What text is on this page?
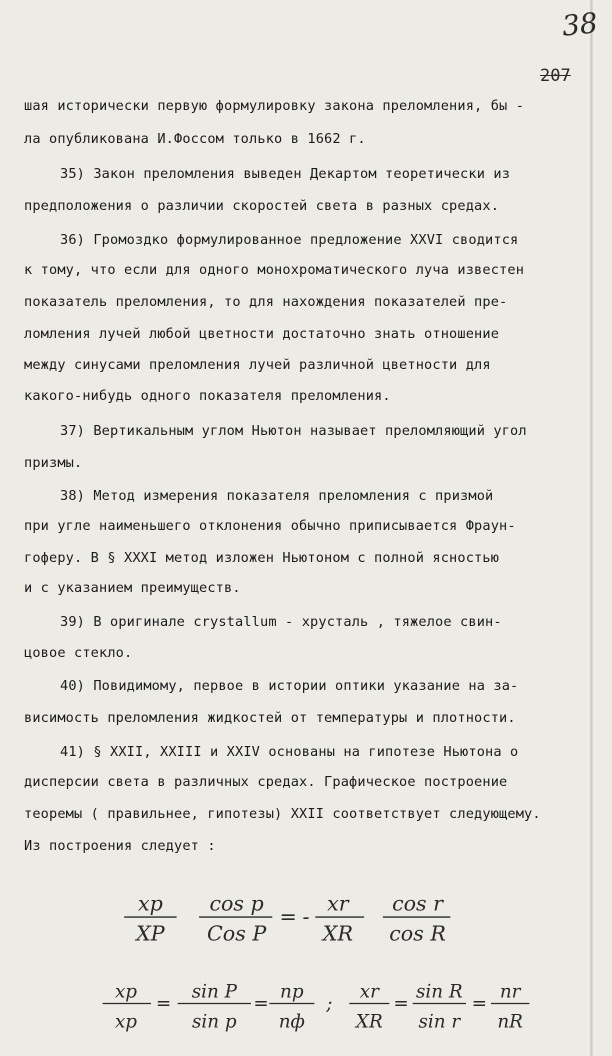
38
207
шая исторически первую формулировку закона преломления, бы -
ла опубликована И.Фоссом только в 1662 г.
35) Закон преломления выведен Декартом теоретически из
предположения о различии скоростей света в разных средах.
36) Громоздко формулированное предложение XXVI сводится
к тому, что если для одного монохроматического луча известен
показатель преломления, то для нахождения показателей пре-
ломления лучей любой цветности достаточно знать отношение
между синусами преломления лучей различной цветности для
какого-нибудь одного показателя преломления.
37) Вертикальным углом Ньютон называет преломляющий угол
призмы.
38) Метод измерения показателя преломления с призмой
при угле наименьшего отклонения обычно приписывается Фраун-
гоферу. В § XXXI метод изложен Ньютоном с полной ясностью
и с указанием преимуществ.
39) В оригинале crystallum - хрусталь , тяжелое свин-
цовое стекло.
40) Повидимому, первое в истории оптики указание на за-
висимость преломления жидкостей от температуры и плотности.
41) § XXII, XXIII и XXIV основаны на гипотезе Ньютона о
дисперсии света в различных средах. Графическое построение
теоремы ( правильнее, гипотезы) XXII соответствует следующему.
Из построения следует :
xp
XP
cos p
Cos P
= -
xr
XR
cos r
cos R
xp
xp
=
sin P
sin p
=
np
nф
;
xr
XR
=
sin R
sin r
=
nr
nR
